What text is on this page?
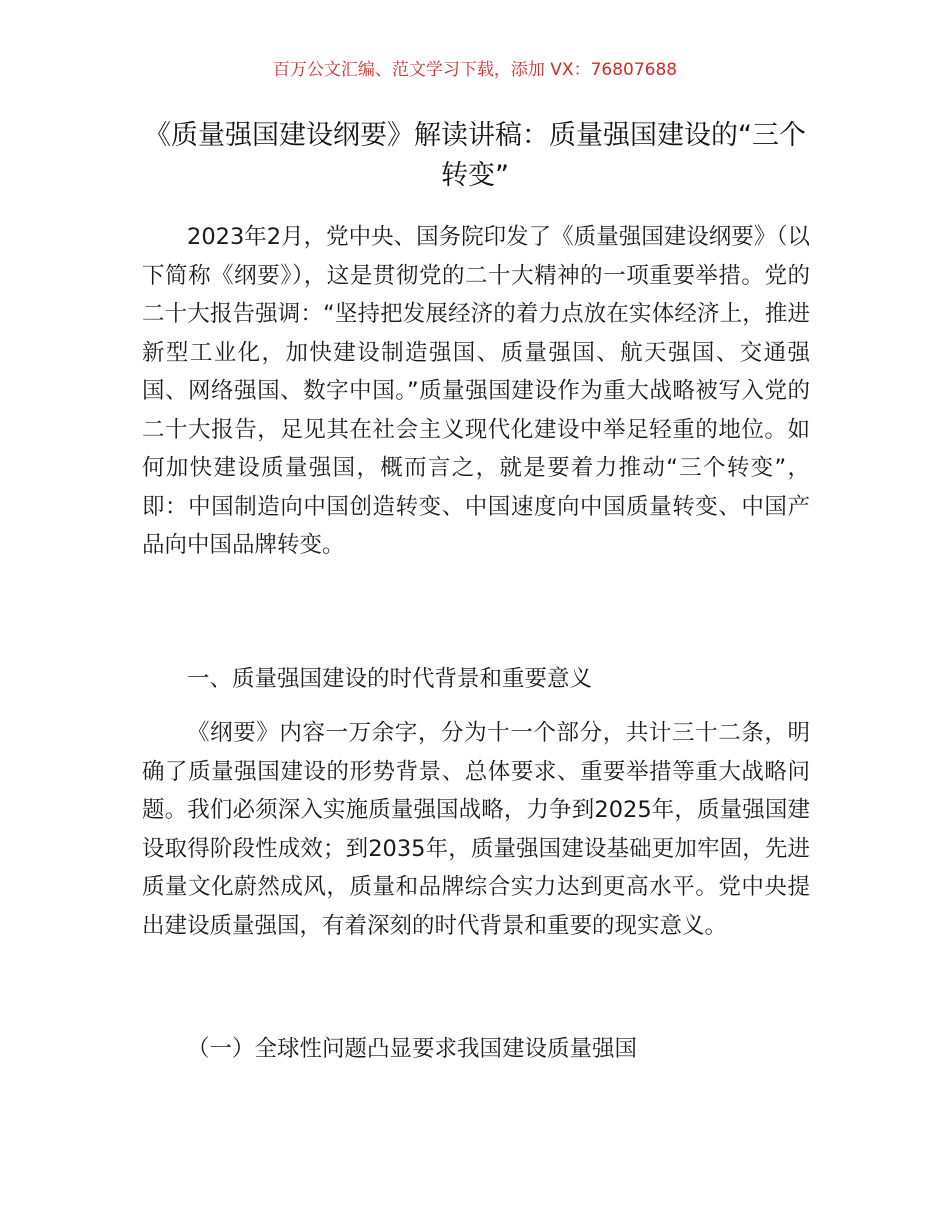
百万公文汇编、范文学习下载，添加 VX：76807688
《质量强国建设纲要》解读讲稿：质量强国建设的“三个转变”

2023年2月，党中央、国务院印发了《质量强国建设纲要》（以下简称《纲要》），这是贯彻党的二十大精神的一项重要举措。党的二十大报告强调：“坚持把发展经济的着力点放在实体经济上，推进新型工业化，加快建设制造强国、质量强国、航天强国、交通强国、网络强国、数字中国。”质量强国建设作为重大战略被写入党的二十大报告，足见其在社会主义现代化建设中举足轻重的地位。如何加快建设质量强国，概而言之，就是要着力推动“三个转变”，即：中国制造向中国创造转变、中国速度向中国质量转变、中国产品向中国品牌转变。

一、质量强国建设的时代背景和重要意义

《纲要》内容一万余字，分为十一个部分，共计三十二条，明确了质量强国建设的形势背景、总体要求、重要举措等重大战略问题。我们必须深入实施质量强国战略，力争到2025年，质量强国建设取得阶段性成效；到2035年，质量强国建设基础更加牢固，先进质量文化蔚然成风，质量和品牌综合实力达到更高水平。党中央提出建设质量强国，有着深刻的时代背景和重要的现实意义。

（一）全球性问题凸显要求我国建设质量强国
